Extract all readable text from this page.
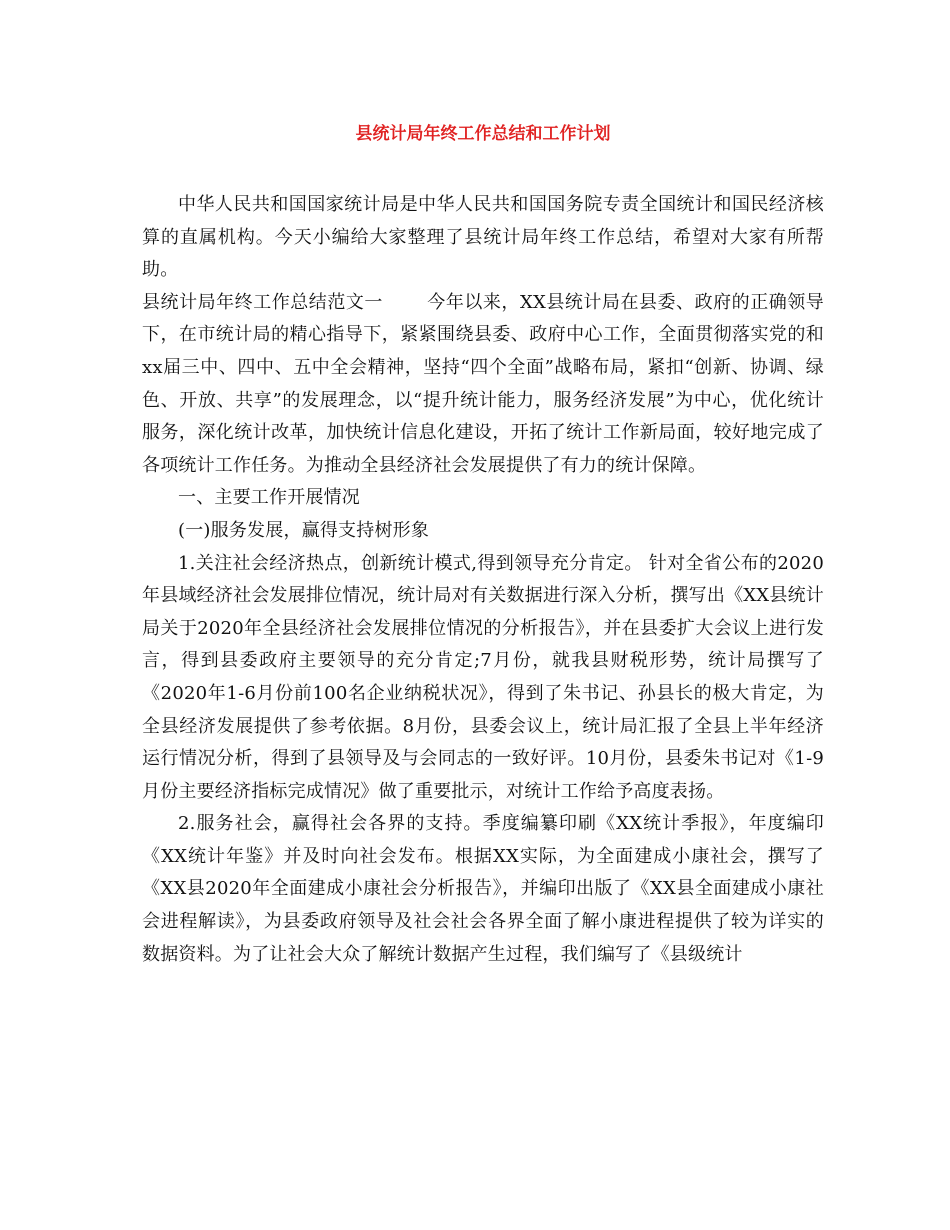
县统计局年终工作总结和工作计划

中华人民共和国国家统计局是中华人民共和国国务院专责全国统计和国民经济核算的直属机构。今天小编给大家整理了县统计局年终工作总结，希望对大家有所帮助。

县统计局年终工作总结范文一 今年以来，XX县统计局在县委、政府的正确领导下，在市统计局的精心指导下，紧紧围绕县委、政府中心工作，全面贯彻落实党的和xx届三中、四中、五中全会精神，坚持“四个全面”战略布局，紧扣“创新、协调、绿色、开放、共享”的发展理念，以“提升统计能力，服务经济发展”为中心，优化统计服务，深化统计改革，加快统计信息化建设，开拓了统计工作新局面，较好地完成了各项统计工作任务。为推动全县经济社会发展提供了有力的统计保障。

一、主要工作开展情况

(一)服务发展，赢得支持树形象

1.关注社会经济热点，创新统计模式,得到领导充分肯定。 针对全省公布的2020年县域经济社会发展排位情况，统计局对有关数据进行深入分析，撰写出《XX县统计局关于2020年全县经济社会发展排位情况的分析报告》，并在县委扩大会议上进行发言，得到县委政府主要领导的充分肯定;7月份，就我县财税形势，统计局撰写了《2020年1-6月份前100名企业纳税状况》，得到了朱书记、孙县长的极大肯定，为全县经济发展提供了参考依据。8月份，县委会议上，统计局汇报了全县上半年经济运行情况分析，得到了县领导及与会同志的一致好评。10月份，县委朱书记对《1-9月份主要经济指标完成情况》做了重要批示，对统计工作给予高度表扬。

2.服务社会，赢得社会各界的支持。季度编纂印刷《XX统计季报》，年度编印《XX统计年鉴》并及时向社会发布。根据XX实际，为全面建成小康社会，撰写了《XX县2020年全面建成小康社会分析报告》，并编印出版了《XX县全面建成小康社会进程解读》，为县委政府领导及社会社会各界全面了解小康进程提供了较为详实的数据资料。为了让社会大众了解统计数据产生过程，我们编写了《县级统计
